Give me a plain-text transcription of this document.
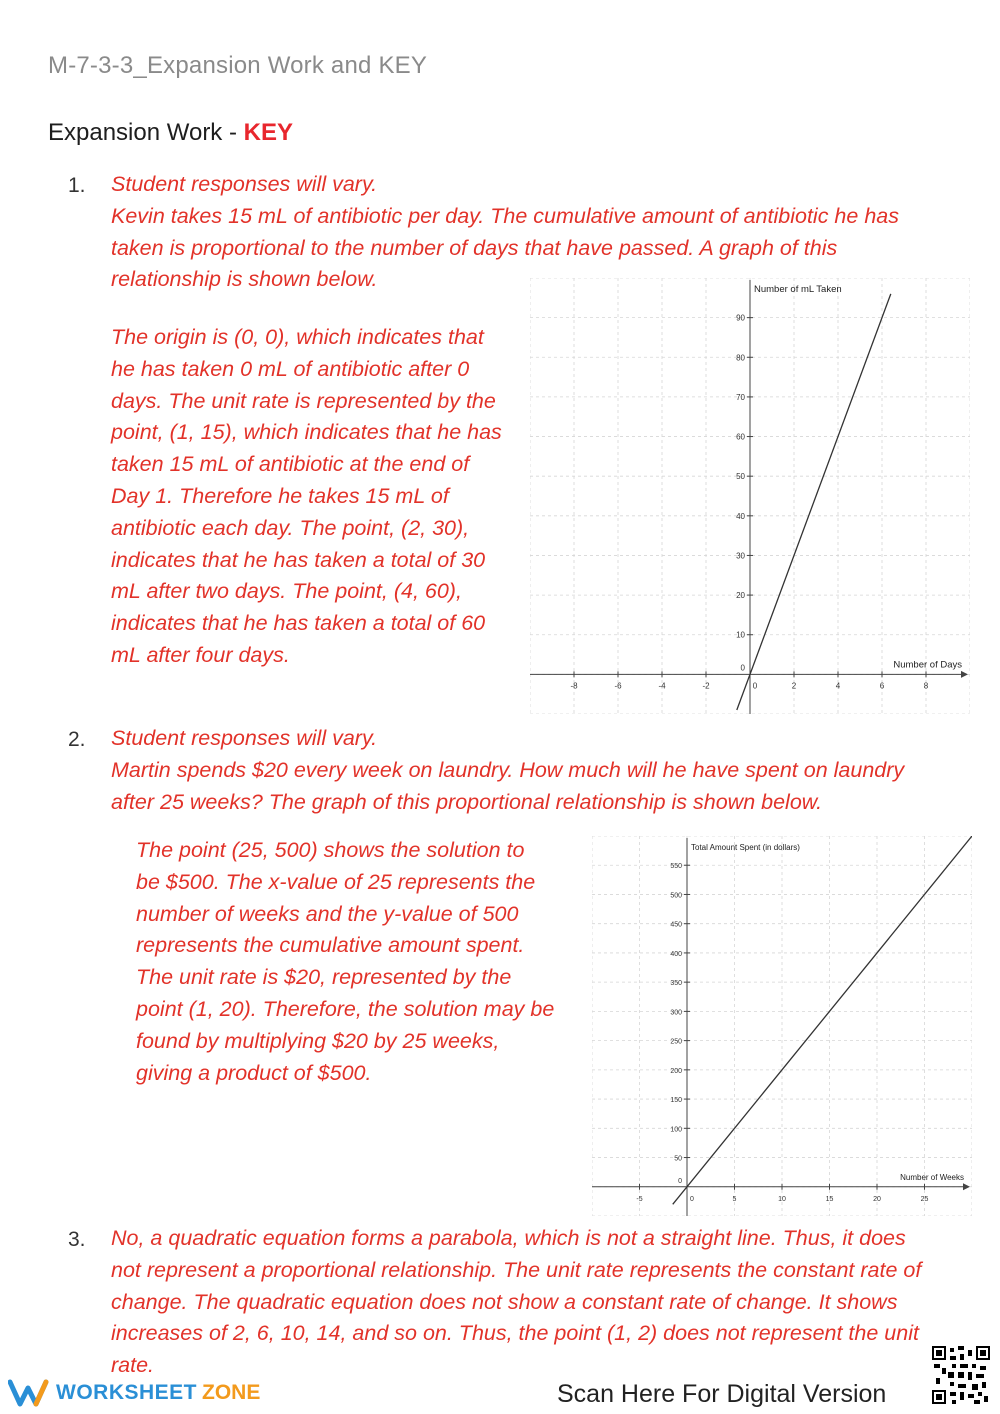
M-7-3-3_Expansion Work and KEY
Expansion Work - KEY
1. Student responses will vary.

Kevin takes 15 mL of antibiotic per day. The cumulative amount of antibiotic he has

taken is proportional to the number of days that have passed. A graph of this

relationship is shown below.

The origin is (0, 0), which indicates that

he has taken 0 mL of antibiotic after 0

days. The unit rate is represented by the

point, (1, 15), which indicates that he has

taken 15 mL of antibiotic at the end of

Day 1. Therefore he takes 15 mL of

antibiotic each day. The point, (2, 30),

indicates that he has taken a total of 30

mL after two days. The point, (4, 60),

indicates that he has taken a total of 60

mL after four days.

-8	-6	-4	-2	0	2	4	6	8
10
20
30
40
50
60
70
80
90
0	Number of Days
Number of mL Taken
2. Student responses will vary.

Martin spends $20 every week on laundry. How much will he have spent on laundry

after 25 weeks? The graph of this proportional relationship is shown below.

The point (25, 500) shows the solution to

be $500. The x-value of 25 represents the

number of weeks and the y-value of 500

represents the cumulative amount spent.

The unit rate is $20, represented by the

point (1, 20). Therefore, the solution may be

found by multiplying $20 by 25 weeks,

giving a product of $500.

-5	0	5	10	15	20	25
50
100
150
200
250
300
350
400
450
500
550
0	Number of Weeks
Total Amount Spent (in dollars)
3. No, a quadratic equation forms a parabola, which is not a straight line. Thus, it does

not represent a proportional relationship. The unit rate represents the constant rate of

change. The quadratic equation does not show a constant rate of change. It shows

increases of 2, 6, 10, 14, and so on. Thus, the point (1, 2) does not represent the unit

rate.

WORKSHEET ZONE	Scan Here For Digital Version
